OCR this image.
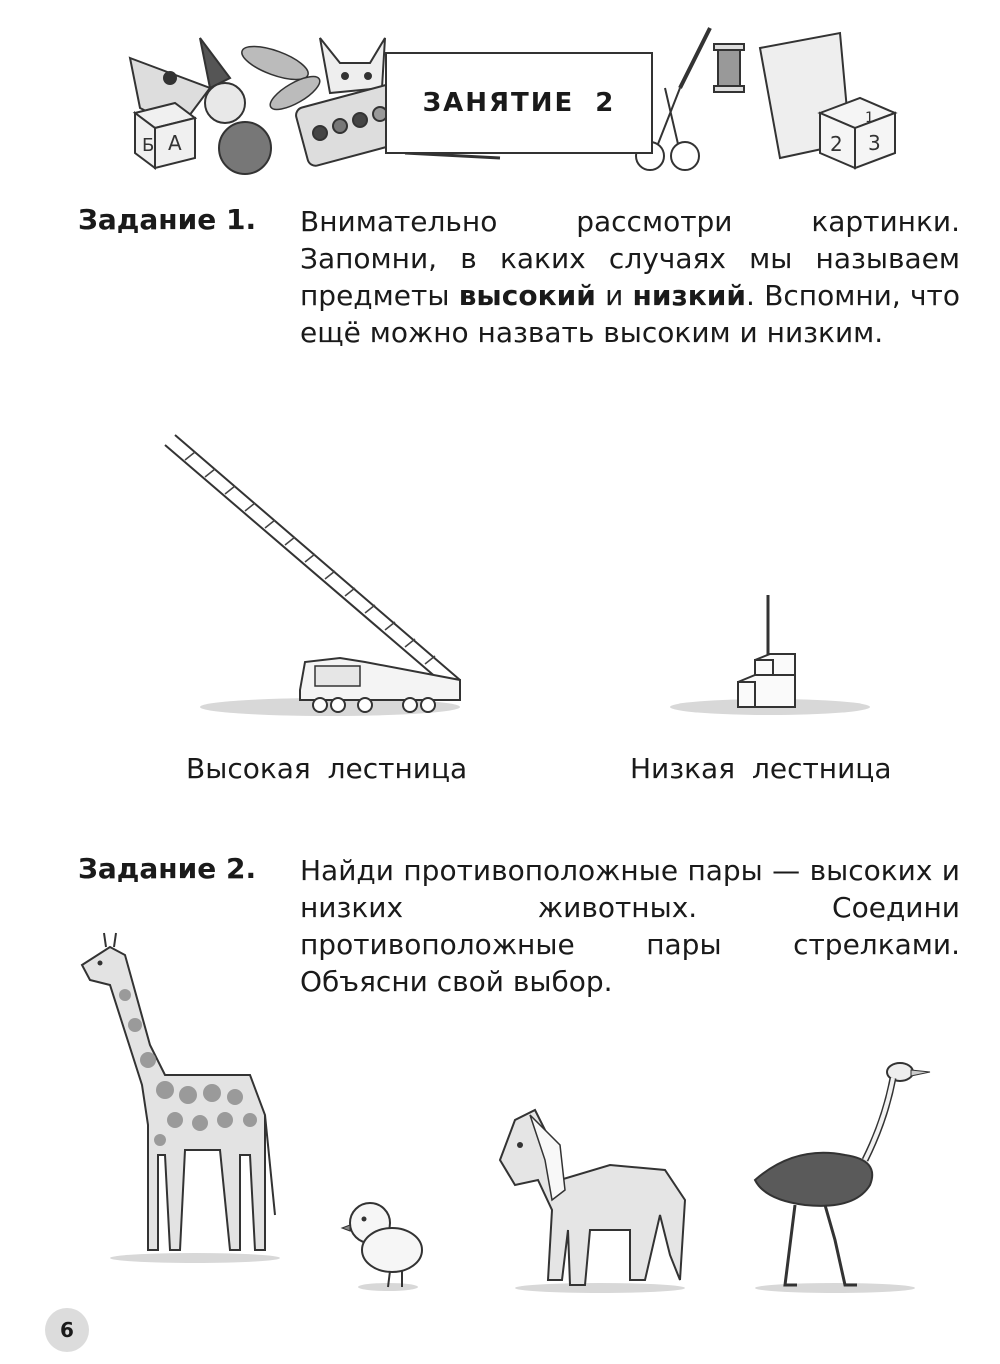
Б А
1
2 3
ЗАНЯТИЕ 2
Задание 1. Внимательно рассмотри картинки. Запомни, в каких случаях мы называем предметы высокий и низкий. Вспомни, что ещё можно назвать высоким и низким.
Высокая лестница	Низкая лестница
Задание 2. Найди противоположные пары — высоких и низких животных. Соедини противоположные пары стрелками. Объясни свой выбор.
6
